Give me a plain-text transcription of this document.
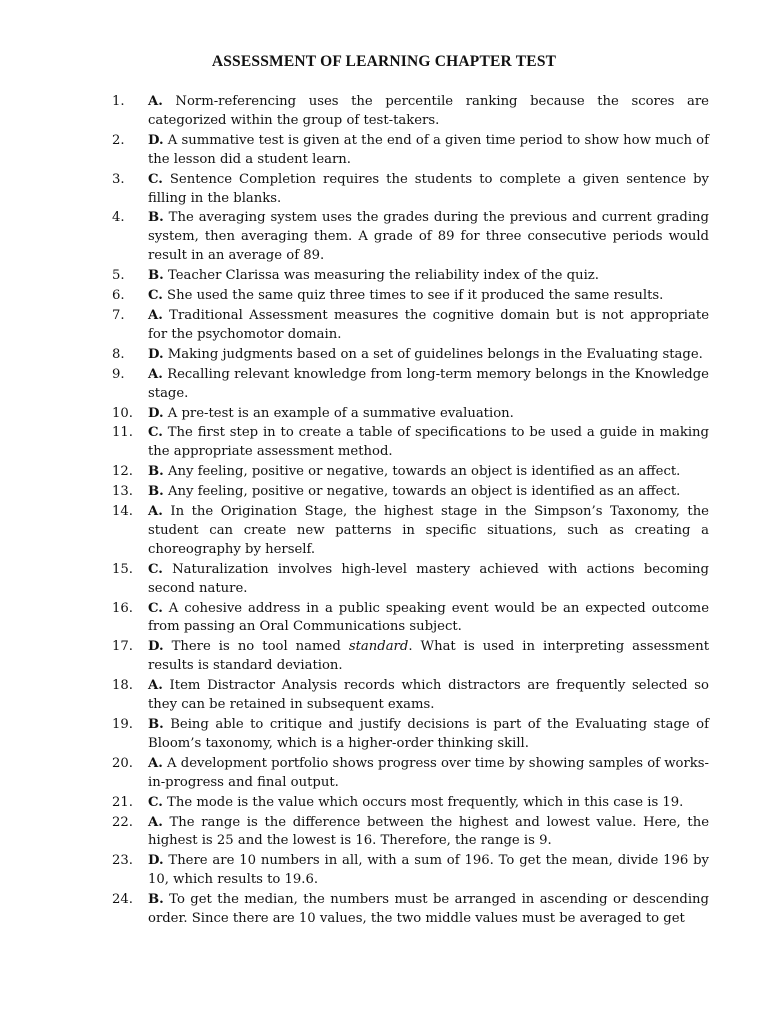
ASSESSMENT OF LEARNING CHAPTER TEST
1.	A. Norm-referencing uses the percentile ranking because the scores are categorized within the group of test-takers.
2.	D. A summative test is given at the end of a given time period to show how much of the lesson did a student learn.
3.	C. Sentence Completion requires the students to complete a given sentence by filling in the blanks.
4.	B. The averaging system uses the grades during the previous and current grading system, then averaging them. A grade of 89 for three consecutive periods would result in an average of 89.
5.	B. Teacher Clarissa was measuring the reliability index of the quiz.
6.	C. She used the same quiz three times to see if it produced the same results.
7.	A. Traditional Assessment measures the cognitive domain but is not appropriate for the psychomotor domain.
8.	D. Making judgments based on a set of guidelines belongs in the Evaluating stage.
9.	A. Recalling relevant knowledge from long-term memory belongs in the Knowledge stage.
10.	D. A pre-test is an example of a summative evaluation.
11.	C. The first step in to create a table of specifications to be used a guide in making the appropriate assessment method.
12.	B. Any feeling, positive or negative, towards an object is identified as an affect.
13.	B. Any feeling, positive or negative, towards an object is identified as an affect.
14.	A. In the Origination Stage, the highest stage in the Simpson’s Taxonomy, the student can create new patterns in specific situations, such as creating a choreography by herself.
15.	C. Naturalization involves high-level mastery achieved with actions becoming second nature.
16.	C. A cohesive address in a public speaking event would be an expected outcome from passing an Oral Communications subject.
17.	D. There is no tool named standard. What is used in interpreting assessment results is standard deviation.
18.	A. Item Distractor Analysis records which distractors are frequently selected so they can be retained in subsequent exams.
19.	B. Being able to critique and justify decisions is part of the Evaluating stage of Bloom’s taxonomy, which is a higher-order thinking skill.
20.	A. A development portfolio shows progress over time by showing samples of works-in-progress and final output.
21.	C. The mode is the value which occurs most frequently, which in this case is 19.
22.	A. The range is the difference between the highest and lowest value. Here, the highest is 25 and the lowest is 16. Therefore, the range is 9.
23.	D. There are 10 numbers in all, with a sum of 196. To get the mean, divide 196 by 10, which results to 19.6.
24.	B. To get the median, the numbers must be arranged in ascending or descending order. Since there are 10 values, the two middle values must be averaged to get
